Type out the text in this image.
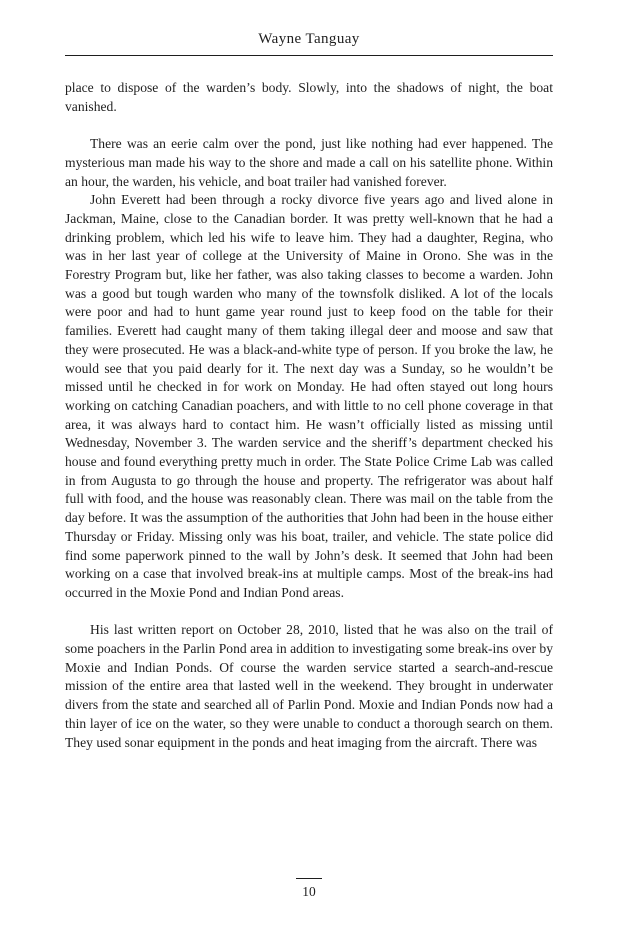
Wayne Tanguay

place to dispose of the warden’s body. Slowly, into the shadows of night, the boat vanished.

There was an eerie calm over the pond, just like nothing had ever happened. The mysterious man made his way to the shore and made a call on his satellite phone. Within an hour, the warden, his vehicle, and boat trailer had vanished forever.

John Everett had been through a rocky divorce five years ago and lived alone in Jackman, Maine, close to the Canadian border. It was pretty well-known that he had a drinking problem, which led his wife to leave him. They had a daughter, Regina, who was in her last year of college at the University of Maine in Orono. She was in the Forestry Program but, like her father, was also taking classes to become a warden. John was a good but tough warden who many of the townsfolk disliked. A lot of the locals were poor and had to hunt game year round just to keep food on the table for their families. Everett had caught many of them taking illegal deer and moose and saw that they were prosecuted. He was a black-and-white type of person. If you broke the law, he would see that you paid dearly for it. The next day was a Sunday, so he wouldn’t be missed until he checked in for work on Monday. He had often stayed out long hours working on catching Canadian poachers, and with little to no cell phone coverage in that area, it was always hard to contact him. He wasn’t officially listed as missing until Wednesday, November 3. The warden service and the sheriff’s department checked his house and found everything pretty much in order. The State Police Crime Lab was called in from Augusta to go through the house and property. The refrigerator was about half full with food, and the house was reasonably clean. There was mail on the table from the day before. It was the assumption of the authorities that John had been in the house either Thursday or Friday. Missing only was his boat, trailer, and vehicle. The state police did find some paperwork pinned to the wall by John’s desk. It seemed that John had been working on a case that involved break-ins at multiple camps. Most of the break-ins had occurred in the Moxie Pond and Indian Pond areas.

His last written report on October 28, 2010, listed that he was also on the trail of some poachers in the Parlin Pond area in addition to investigating some break-ins over by Moxie and Indian Ponds. Of course the warden service started a search-and-rescue mission of the entire area that lasted well in the weekend. They brought in underwater divers from the state and searched all of Parlin Pond. Moxie and Indian Ponds now had a thin layer of ice on the water, so they were unable to conduct a thorough search on them. They used sonar equipment in the ponds and heat imaging from the aircraft. There was

10
